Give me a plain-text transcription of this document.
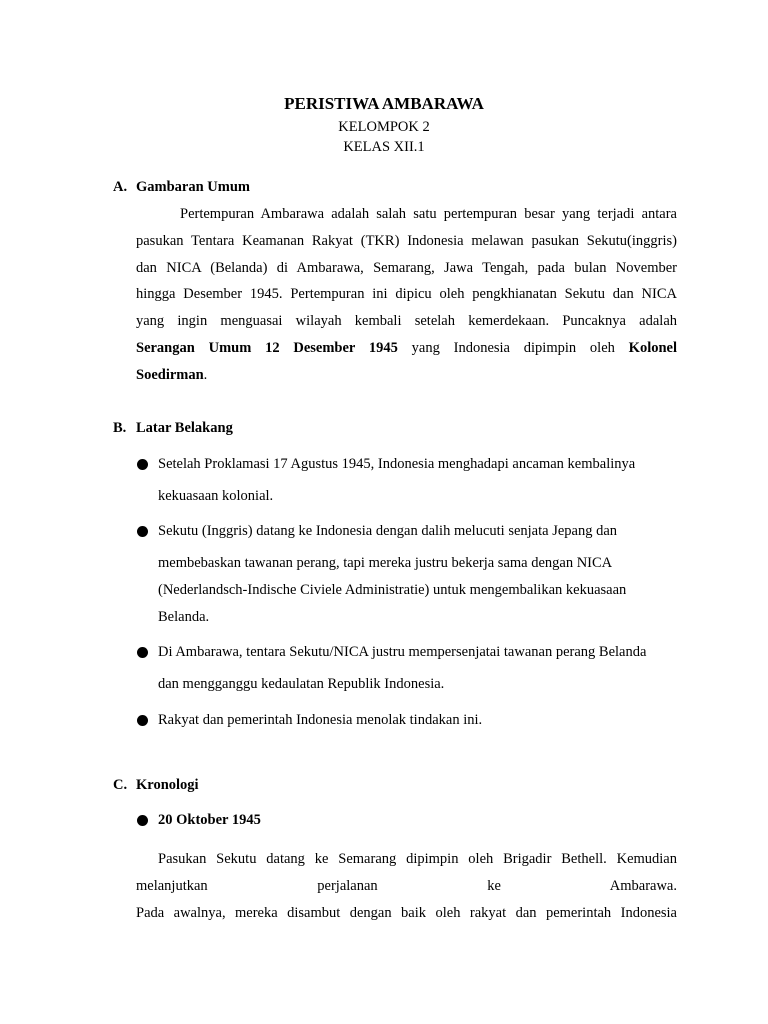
PERISTIWA AMBARAWA
KELOMPOK 2
KELAS XII.1
A. Gambaran Umum
Pertempuran Ambarawa adalah salah satu pertempuran besar yang terjadi antara
pasukan Tentara Keamanan Rakyat (TKR) Indonesia melawan pasukan Sekutu(inggris)
dan NICA (Belanda) di Ambarawa, Semarang, Jawa Tengah, pada bulan November
hingga Desember 1945. Pertempuran ini dipicu oleh pengkhianatan Sekutu dan NICA
yang ingin menguasai wilayah kembali setelah kemerdekaan. Puncaknya adalah
Serangan Umum 12 Desember 1945 yang Indonesia dipimpin oleh Kolonel
Soedirman.
B. Latar Belakang
Setelah Proklamasi 17 Agustus 1945, Indonesia menghadapi ancaman kembalinya
kekuasaan kolonial.
Sekutu (Inggris) datang ke Indonesia dengan dalih melucuti senjata Jepang dan
membebaskan tawanan perang, tapi mereka justru bekerja sama dengan NICA
(Nederlandsch-Indische Civiele Administratie) untuk mengembalikan kekuasaan
Belanda.
Di Ambarawa, tentara Sekutu/NICA justru mempersenjatai tawanan perang Belanda
dan mengganggu kedaulatan Republik Indonesia.
Rakyat dan pemerintah Indonesia menolak tindakan ini.
C. Kronologi
20 Oktober 1945
Pasukan Sekutu datang ke Semarang dipimpin oleh Brigadir Bethell. Kemudian
melanjutkan perjalanan ke Ambarawa.
Pada awalnya, mereka disambut dengan baik oleh rakyat dan pemerintah Indonesia
